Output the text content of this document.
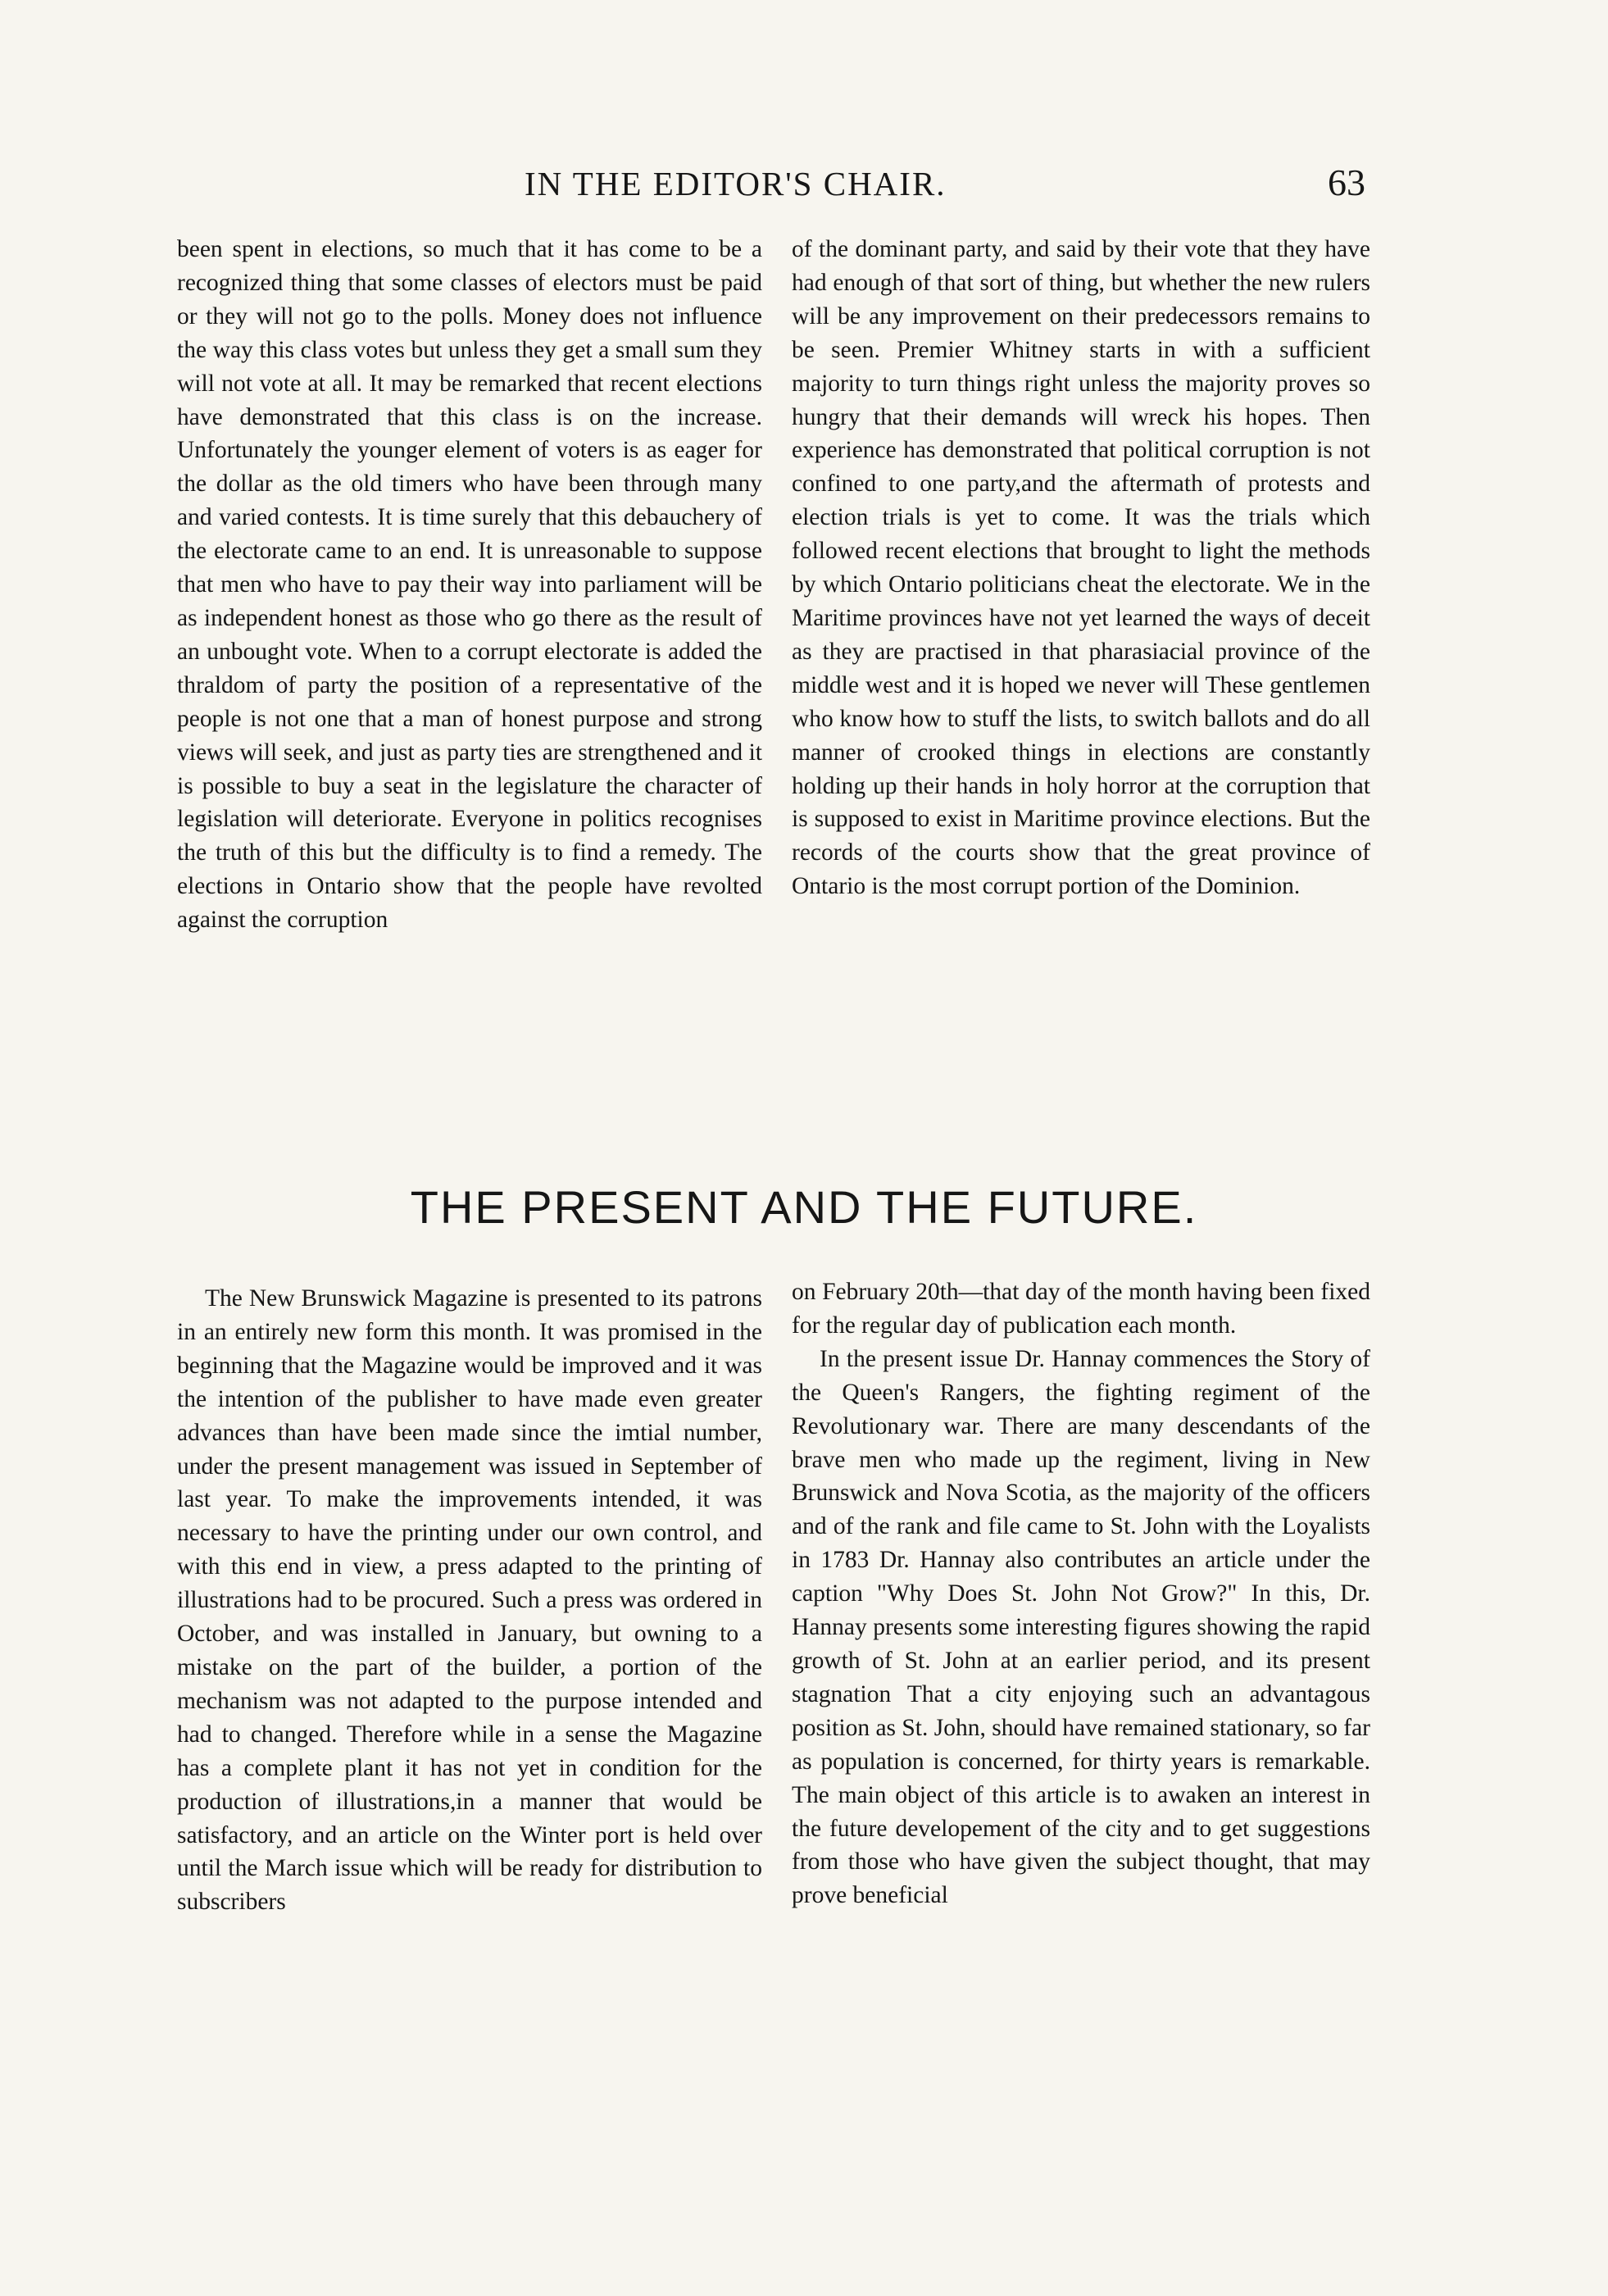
IN THE EDITOR'S CHAIR.	63

been spent in elections, so much that it has come to be a recognized thing that some classes of electors must be paid or they will not go to the polls. Money does not influence the way this class votes but unless they get a small sum they will not vote at all. It may be remarked that recent elections have demonstrated that this class is on the increase. Unfortunately the younger element of voters is as eager for the dollar as the old timers who have been through many and varied contests. It is time surely that this debauchery of the electorate came to an end. It is unreasonable to suppose that men who have to pay their way into parliament will be as independent honest as those who go there as the result of an unbought vote. When to a corrupt electorate is added the thraldom of party the position of a representative of the people is not one that a man of honest purpose and strong views will seek, and just as party ties are strengthened and it is possible to buy a seat in the legislature the character of legislation will deteriorate. Everyone in politics recognises the truth of this but the difficulty is to find a remedy. The elections in Ontario show that the people have revolted against the corruption

of the dominant party, and said by their vote that they have had enough of that sort of thing, but whether the new rulers will be any improvement on their predecessors remains to be seen. Premier Whitney starts in with a sufficient majority to turn things right unless the majority proves so hungry that their demands will wreck his hopes. Then experience has demonstrated that political corruption is not confined to one party,and the aftermath of protests and election trials is yet to come. It was the trials which followed recent elections that brought to light the methods by which Ontario politicians cheat the electorate. We in the Maritime provinces have not yet learned the ways of deceit as they are practised in that pharasiacial province of the middle west and it is hoped we never will These gentlemen who know how to stuff the lists, to switch ballots and do all manner of crooked things in elections are constantly holding up their hands in holy horror at the corruption that is supposed to exist in Maritime province elections. But the records of the courts show that the great province of Ontario is the most corrupt portion of the Dominion.

THE PRESENT AND THE FUTURE.

The New Brunswick Magazine is presented to its patrons in an entirely new form this month. It was promised in the beginning that the Magazine would be improved and it was the intention of the publisher to have made even greater advances than have been made since the imtial number, under the present management was issued in September of last year. To make the improvements intended, it was necessary to have the printing under our own control, and with this end in view, a press adapted to the printing of illustrations had to be procured. Such a press was ordered in October, and was installed in January, but owning to a mistake on the part of the builder, a portion of the mechanism was not adapted to the purpose intended and had to changed. Therefore while in a sense the Magazine has a complete plant it has not yet in condition for the production of illustrations,in a manner that would be satisfactory, and an article on the Winter port is held over until the March issue which will be ready for distribution to subscribers

on February 20th—that day of the month having been fixed for the regular day of publication each month.

In the present issue Dr. Hannay commences the Story of the Queen's Rangers, the fighting regiment of the Revolutionary war. There are many descendants of the brave men who made up the regiment, living in New Brunswick and Nova Scotia, as the majority of the officers and of the rank and file came to St. John with the Loyalists in 1783 Dr. Hannay also contributes an article under the caption "Why Does St. John Not Grow?" In this, Dr. Hannay presents some interesting figures showing the rapid growth of St. John at an earlier period, and its present stagnation That a city enjoying such an advantagous position as St. John, should have remained stationary, so far as population is concerned, for thirty years is remarkable. The main object of this article is to awaken an interest in the future developement of the city and to get suggestions from those who have given the subject thought, that may prove beneficial
